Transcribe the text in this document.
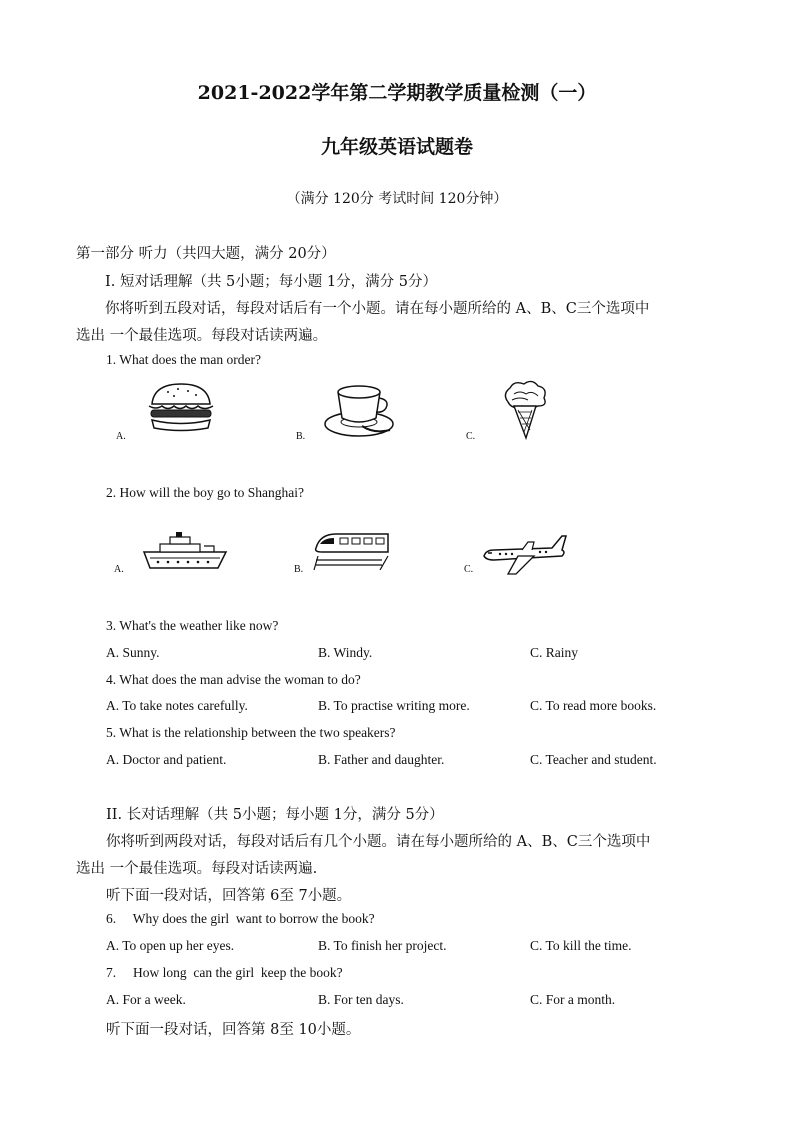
2021-2022学年第二学期教学质量检测（一）
九年级英语试题卷
（满分 120分 考试时间 120分钟）
第一部分 听力（共四大题，满分 20分）
I. 短对话理解（共 5小题；每小题 1分，满分 5分）
你将听到五段对话，每段对话后有一个小题。请在每小题所给的 A、B、C三个选项中
选出 一个最佳选项。每段对话读两遍。
1. What does the man order?
A.	B.	C.
2. How will the boy go to Shanghai?
A.	B.	C.
3. What's the weather like now?
A. Sunny.	B. Windy.	C. Rainy
4. What does the man advise the woman to do?
A. To take notes carefully.	B. To practise writing more.	C. To read more books.
5. What is the relationship between the two speakers?
A. Doctor and patient.	B. Father and daughter.	C. Teacher and student.
II. 长对话理解（共 5小题；每小题 1分，满分 5分）
你将听到两段对话，每段对话后有几个小题。请在每小题所给的 A、B、C三个选项中
选出 一个最佳选项。每段对话读两遍.
听下面一段对话，回答第 6至 7小题。
6.     Why does the girl  want to borrow the book?
A. To open up her eyes.	B. To finish her project.	C. To kill the time.
7.     How long  can the girl  keep the book?
A. For a week.	B. For ten days.	C. For a month.
听下面一段对话，回答第 8至 10小题。
